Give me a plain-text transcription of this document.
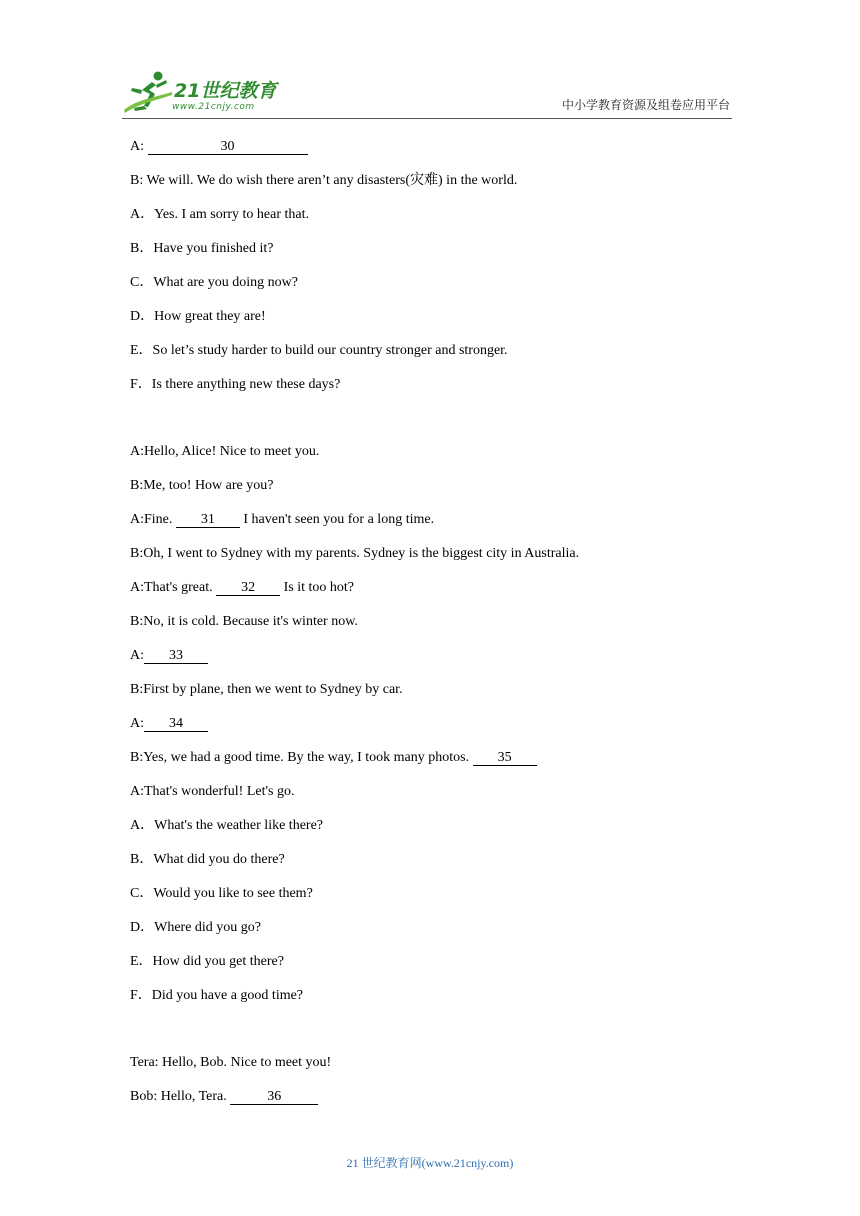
21世纪教育
www.21cnjy.com	中小学教育资源及组卷应用平台
A:	30
B: We will. We do wish there aren’t any disasters(灾难) in the world.
A．Yes. I am sorry to hear that.
B．Have you finished it?
C．What are you doing now?
D．How great they are!
E．So let’s study harder to build our country stronger and stronger.
F．Is there anything new these days?
A:Hello, Alice! Nice to meet you.
B:Me, too! How are you?
A:Fine. 31 I haven't seen you for a long time.
B:Oh, I went to Sydney with my parents. Sydney is the biggest city in Australia.
A:That's great. 32 Is it too hot?
B:No, it is cold. Because it's winter now.
A: 33
B:First by plane, then we went to Sydney by car.
A: 34
B:Yes, we had a good time. By the way, I took many photos. 35
A:That's wonderful! Let's go.
A．What's the weather like there?
B．What did you do there?
C．Would you like to see them?
D．Where did you go?
E．How did you get there?
F．Did you have a good time?
Tera: Hello, Bob. Nice to meet you!
Bob: Hello, Tera.	36
21 世纪教育网(www.21cnjy.com)
